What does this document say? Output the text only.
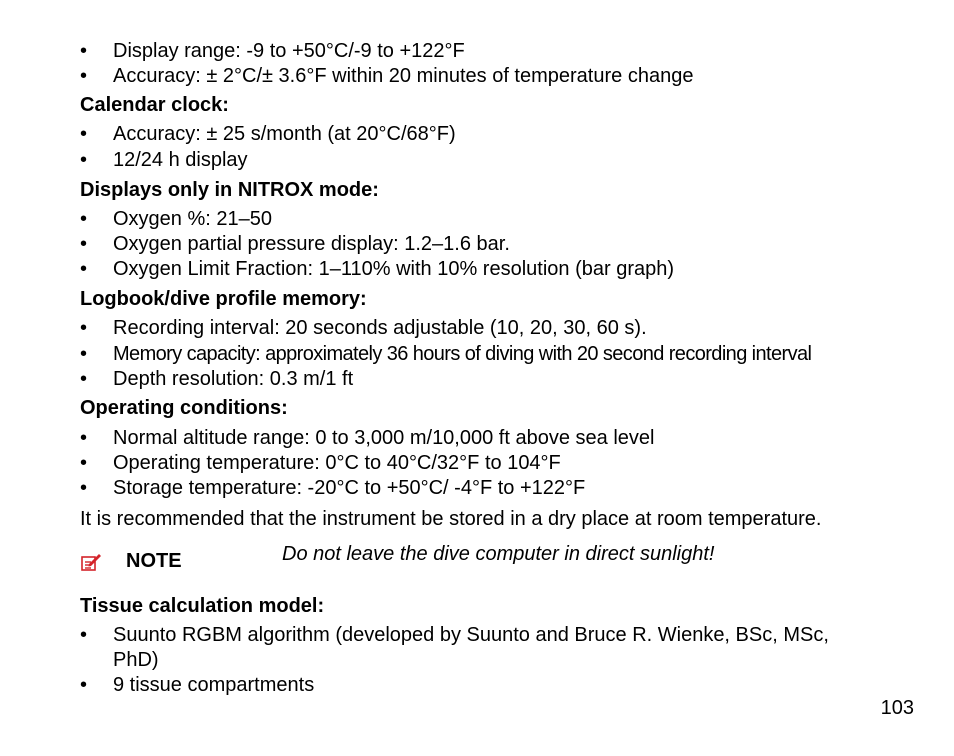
• Display range: -9 to +50°C/-9 to +122°F
• Accuracy: ± 2°C/± 3.6°F within 20 minutes of temperature change
Calendar clock:
• Accuracy: ± 25 s/month (at 20°C/68°F)
• 12/24 h display
Displays only in NITROX mode:
• Oxygen %: 21–50
• Oxygen partial pressure display: 1.2–1.6 bar.
• Oxygen Limit Fraction: 1–110% with 10% resolution (bar graph)
Logbook/dive profile memory:
• Recording interval: 20 seconds adjustable (10, 20, 30, 60 s).
• Memory capacity: approximately 36 hours of diving with 20 second recording interval
• Depth resolution: 0.3 m/1 ft
Operating conditions:
• Normal altitude range: 0 to 3,000 m/10,000 ft above sea level
• Operating temperature: 0°C to 40°C/32°F to 104°F
• Storage temperature: -20°C to +50°C/ -4°F to +122°F
It is recommended that the instrument be stored in a dry place at room temperature.
NOTE	Do not leave the dive computer in direct sunlight!
Tissue calculation model:
• Suunto RGBM algorithm (developed by Suunto and Bruce R. Wienke, BSc, MSc,
PhD)
• 9 tissue compartments
103
